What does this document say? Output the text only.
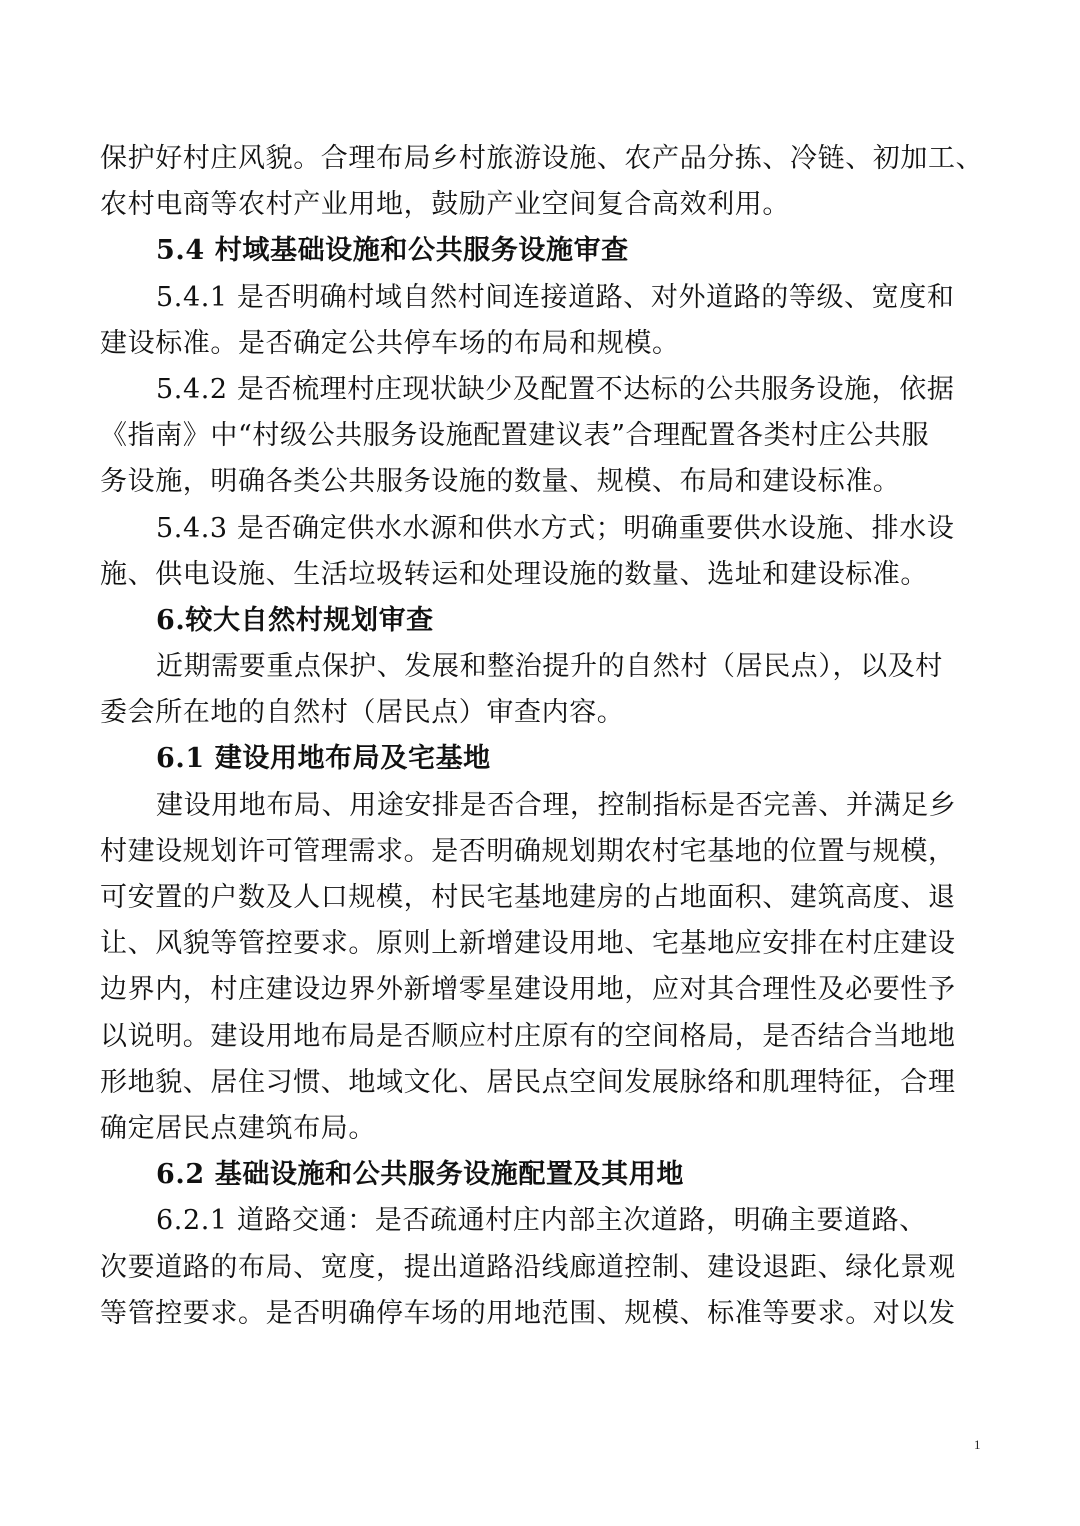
保护好村庄风貌。合理布局乡村旅游设施、农产品分拣、冷链、初加工、
农村电商等农村产业用地，鼓励产业空间复合高效利用。
5.4 村域基础设施和公共服务设施审查
5.4.1 是否明确村域自然村间连接道路、对外道路的等级、宽度和
建设标准。是否确定公共停车场的布局和规模。
5.4.2 是否梳理村庄现状缺少及配置不达标的公共服务设施，依据
《指南》中“村级公共服务设施配置建议表”合理配置各类村庄公共服
务设施，明确各类公共服务设施的数量、规模、布局和建设标准。
5.4.3 是否确定供水水源和供水方式；明确重要供水设施、排水设
施、供电设施、生活垃圾转运和处理设施的数量、选址和建设标准。
6.较大自然村规划审查
近期需要重点保护、发展和整治提升的自然村（居民点），以及村
委会所在地的自然村（居民点）审查内容。
6.1 建设用地布局及宅基地
建设用地布局、用途安排是否合理，控制指标是否完善、并满足乡
村建设规划许可管理需求。是否明确规划期农村宅基地的位置与规模，
可安置的户数及人口规模，村民宅基地建房的占地面积、建筑高度、退
让、风貌等管控要求。原则上新增建设用地、宅基地应安排在村庄建设
边界内，村庄建设边界外新增零星建设用地，应对其合理性及必要性予
以说明。建设用地布局是否顺应村庄原有的空间格局，是否结合当地地
形地貌、居住习惯、地域文化、居民点空间发展脉络和肌理特征，合理
确定居民点建筑布局。
6.2 基础设施和公共服务设施配置及其用地
6.2.1 道路交通：是否疏通村庄内部主次道路，明确主要道路、
次要道路的布局、宽度，提出道路沿线廊道控制、建设退距、绿化景观
等管控要求。是否明确停车场的用地范围、规模、标准等要求。对以发
1
